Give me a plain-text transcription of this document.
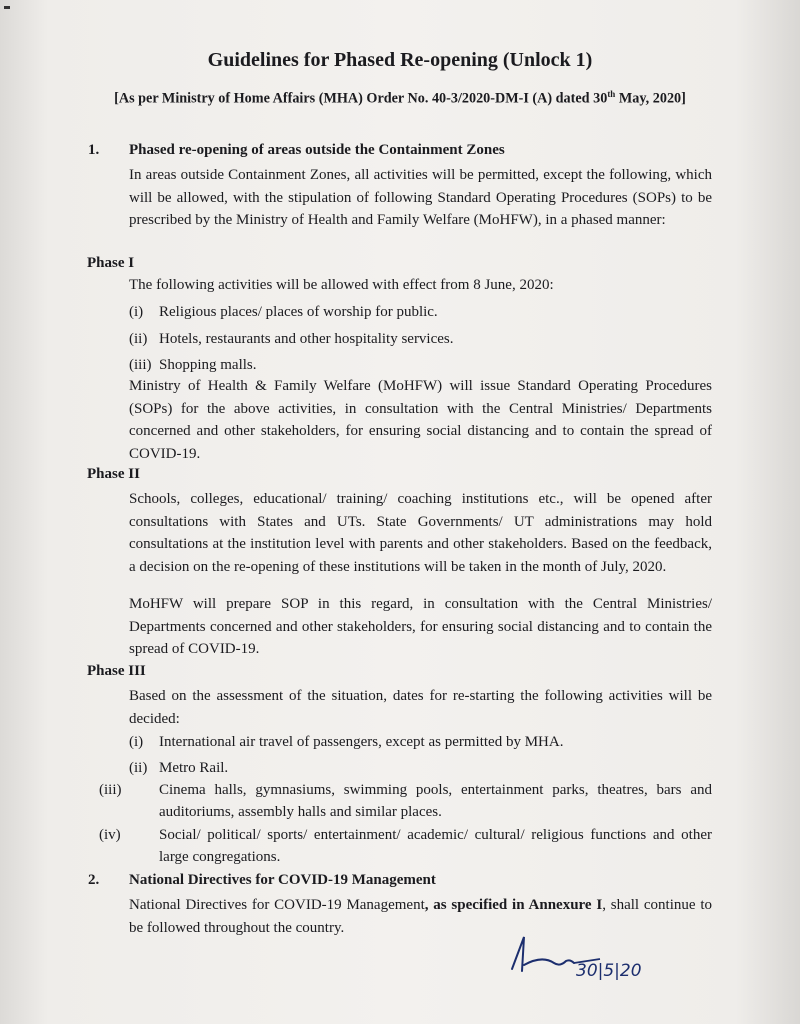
Guidelines for Phased Re-opening (Unlock 1)
[As per Ministry of Home Affairs (MHA) Order No. 40-3/2020-DM-I (A) dated 30th May, 2020]
1. Phased re-opening of areas outside the Containment Zones

In areas outside Containment Zones, all activities will be permitted, except the following, which will be allowed, with the stipulation of following Standard Operating Procedures (SOPs) to be prescribed by the Ministry of Health and Family Welfare (MoHFW), in a phased manner:

Phase I
The following activities will be allowed with effect from 8 June, 2020:
(i) Religious places/ places of worship for public.
(ii) Hotels, restaurants and other hospitality services.
(iii) Shopping malls.

Ministry of Health & Family Welfare (MoHFW) will issue Standard Operating Procedures (SOPs) for the above activities, in consultation with the Central Ministries/ Departments concerned and other stakeholders, for ensuring social distancing and to contain the spread of COVID-19.

Phase II

Schools, colleges, educational/ training/ coaching institutions etc., will be opened after consultations with States and UTs. State Governments/ UT administrations may hold consultations at the institution level with parents and other stakeholders. Based on the feedback, a decision on the re-opening of these institutions will be taken in the month of July, 2020.

MoHFW will prepare SOP in this regard, in consultation with the Central Ministries/ Departments concerned and other stakeholders, for ensuring social distancing and to contain the spread of COVID-19.

Phase III

Based on the assessment of the situation, dates for re-starting the following activities will be decided:

(i) International air travel of passengers, except as permitted by MHA.
(ii) Metro Rail.
(iii)	Cinema halls, gymnasiums, swimming pools, entertainment parks, theatres, bars and auditoriums, assembly halls and similar places.
(iv)	Social/ political/ sports/ entertainment/ academic/ cultural/ religious functions and other large congregations.
2. National Directives for COVID-19 Management

National Directives for COVID-19 Management, as specified in Annexure I, shall continue to be followed throughout the country.

30|5|20
